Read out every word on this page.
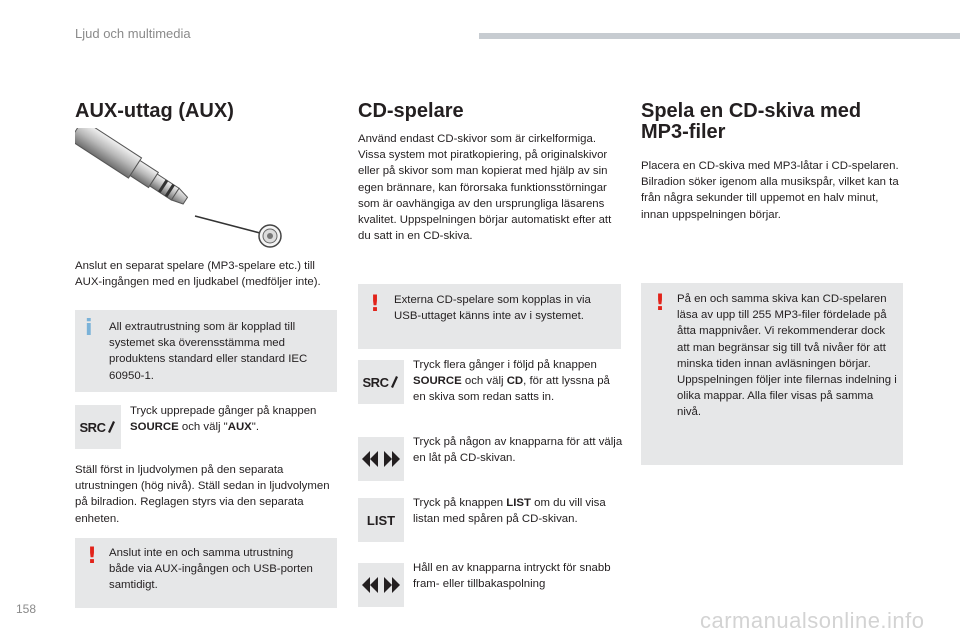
Ljud och multimedia
AUX-uttag (AUX)
Anslut en separat spelare (MP3-spelare etc.) till AUX-ingången med en ljudkabel (medföljer inte).
i All extrautrustning som är kopplad till systemet ska överensstämma med produktens standard eller standard IEC 60950-1.
SRC
Tryck upprepade gånger på knappen SOURCE och välj "AUX".
Ställ först in ljudvolymen på den separata utrustningen (hög nivå). Ställ sedan in ljudvolymen på bilradion. Reglagen styrs via den separata enheten.
! Anslut inte en och samma utrustning både via AUX-ingången och USB-porten samtidigt.
CD-spelare
Använd endast CD-skivor som är cirkelformiga. Vissa system mot piratkopiering, på originalskivor eller på skivor som man kopierat med hjälp av sin egen brännare, kan förorsaka funktionsstörningar som är oavhängiga av den ursprungliga läsarens kvalitet. Uppspelningen börjar automatiskt efter att du satt in en CD-skiva.
! Externa CD-spelare som kopplas in via USB-uttaget känns inte av i systemet.
SRC
Tryck flera gånger i följd på knappen SOURCE och välj CD, för att lyssna på en skiva som redan satts in.
Tryck på någon av knapparna för att välja en låt på CD-skivan.
LIST
Tryck på knappen LIST om du vill visa listan med spåren på CD-skivan.
Håll en av knapparna intryckt för snabb fram- eller tillbakaspolning
Spela en CD-skiva med MP3-filer
Placera en CD-skiva med MP3-låtar i CD-spelaren. Bilradion söker igenom alla musikspår, vilket kan ta från några sekunder till uppemot en halv minut, innan uppspelningen börjar.
! På en och samma skiva kan CD-spelaren läsa av upp till 255 MP3-filer fördelade på åtta mappnivåer. Vi rekommenderar dock att man begränsar sig till två nivåer för att minska tiden innan avläsningen börjar. Uppspelningen följer inte filernas indelning i olika mappar. Alla filer visas på samma nivå.
158	carmanualsonline.info
